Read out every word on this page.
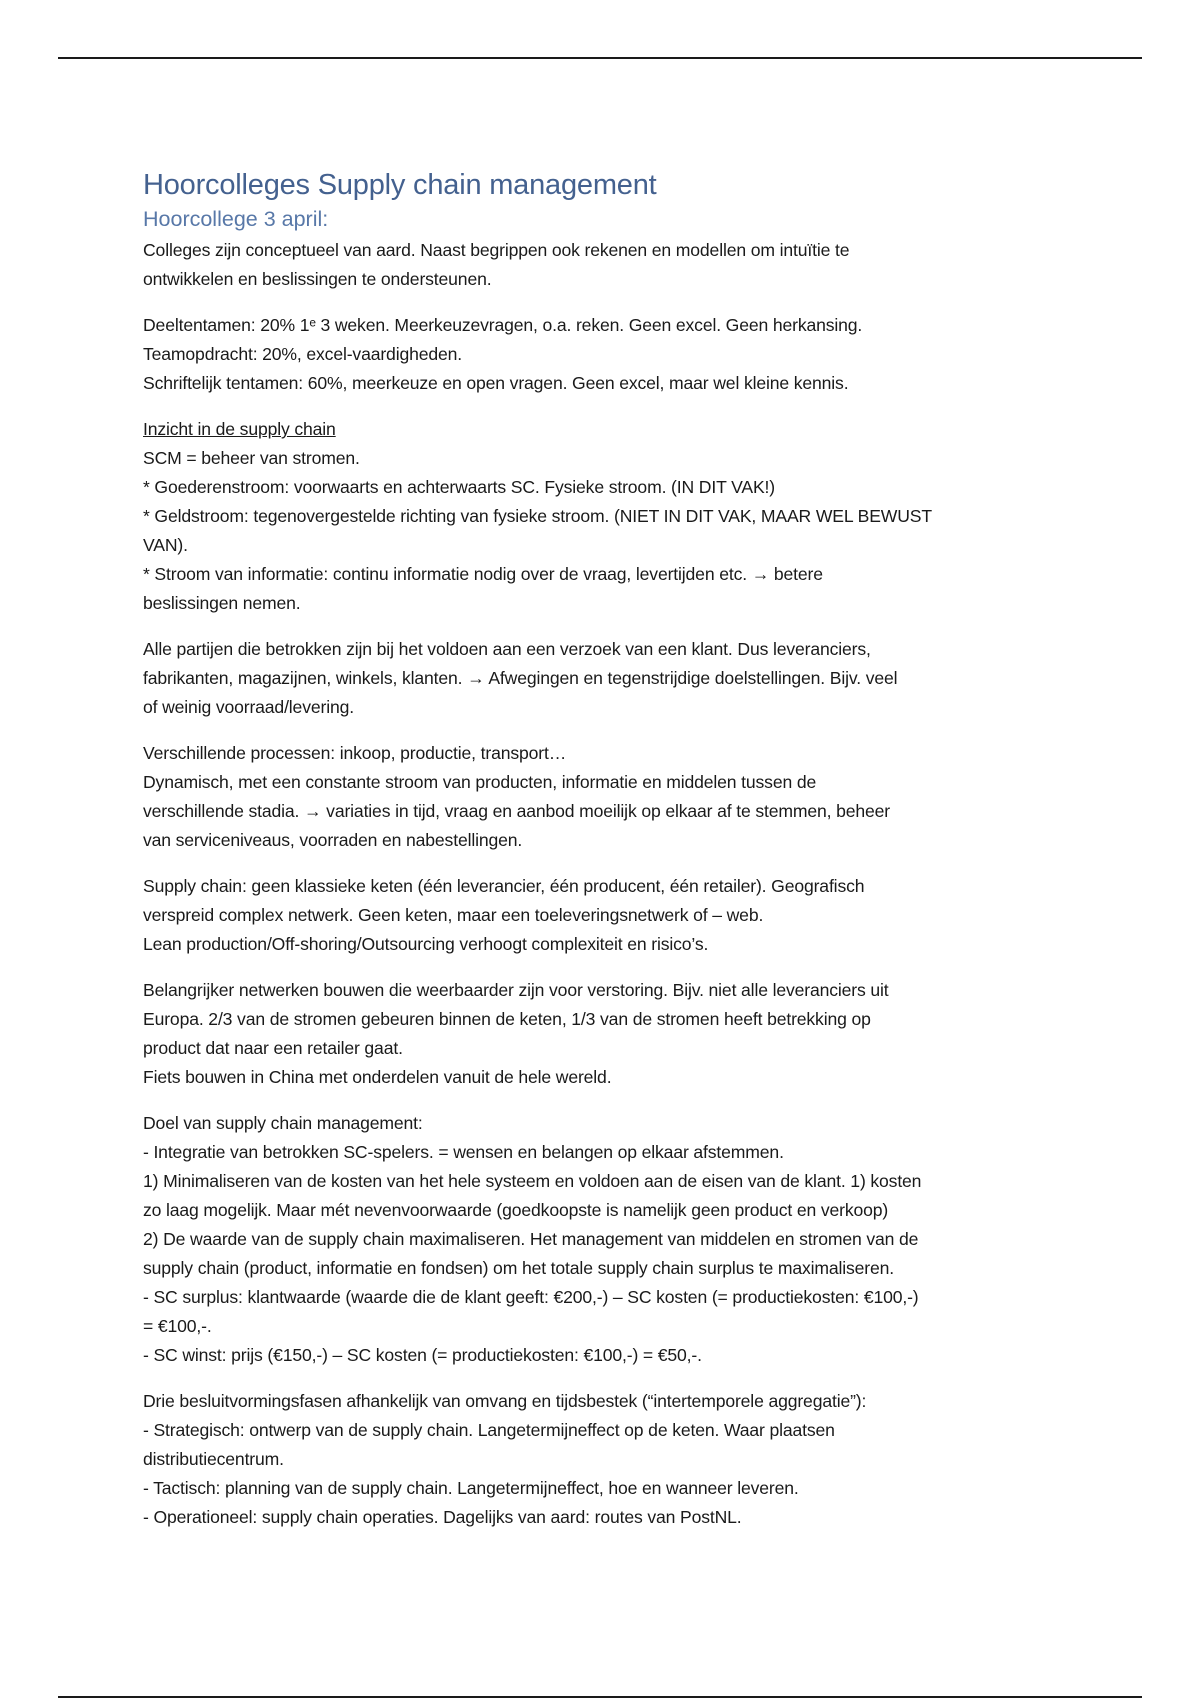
Hoorcolleges Supply chain management
Hoorcollege 3 april:
Colleges zijn conceptueel van aard. Naast begrippen ook rekenen en modellen om intuïtie te
ontwikkelen en beslissingen te ondersteunen.
Deeltentamen: 20% 1ᵉ 3 weken. Meerkeuzevragen, o.a. reken. Geen excel. Geen herkansing.
Teamopdracht: 20%, excel-vaardigheden.
Schriftelijk tentamen: 60%, meerkeuze en open vragen. Geen excel, maar wel kleine kennis.
Inzicht in de supply chain
SCM = beheer van stromen.
* Goederenstroom: voorwaarts en achterwaarts SC. Fysieke stroom. (IN DIT VAK!)
* Geldstroom: tegenovergestelde richting van fysieke stroom. (NIET IN DIT VAK, MAAR WEL BEWUST
VAN).
* Stroom van informatie: continu informatie nodig over de vraag, levertijden etc. → betere
beslissingen nemen.
Alle partijen die betrokken zijn bij het voldoen aan een verzoek van een klant. Dus leveranciers,
fabrikanten, magazijnen, winkels, klanten. → Afwegingen en tegenstrijdige doelstellingen. Bijv. veel
of weinig voorraad/levering.
Verschillende processen: inkoop, productie, transport…
Dynamisch, met een constante stroom van producten, informatie en middelen tussen de
verschillende stadia. → variaties in tijd, vraag en aanbod moeilijk op elkaar af te stemmen, beheer
van serviceniveaus, voorraden en nabestellingen.
Supply chain: geen klassieke keten (één leverancier, één producent, één retailer). Geografisch
verspreid complex netwerk. Geen keten, maar een toeleveringsnetwerk of – web.
Lean production/Off-shoring/Outsourcing verhoogt complexiteit en risico’s.
Belangrijker netwerken bouwen die weerbaarder zijn voor verstoring. Bijv. niet alle leveranciers uit
Europa. 2/3 van de stromen gebeuren binnen de keten, 1/3 van de stromen heeft betrekking op
product dat naar een retailer gaat.
Fiets bouwen in China met onderdelen vanuit de hele wereld.
Doel van supply chain management:
- Integratie van betrokken SC-spelers. = wensen en belangen op elkaar afstemmen.
1) Minimaliseren van de kosten van het hele systeem en voldoen aan de eisen van de klant. 1) kosten
zo laag mogelijk. Maar mét nevenvoorwaarde (goedkoopste is namelijk geen product en verkoop)
2) De waarde van de supply chain maximaliseren. Het management van middelen en stromen van de
supply chain (product, informatie en fondsen) om het totale supply chain surplus te maximaliseren.
- SC surplus: klantwaarde (waarde die de klant geeft: €200,-) – SC kosten (= productiekosten: €100,-)
= €100,-.
- SC winst: prijs (€150,-) – SC kosten (= productiekosten: €100,-) = €50,-.
Drie besluitvormingsfasen afhankelijk van omvang en tijdsbestek (“intertemporele aggregatie”):
- Strategisch: ontwerp van de supply chain. Langetermijneffect op de keten. Waar plaatsen
distributiecentrum.
- Tactisch: planning van de supply chain. Langetermijneffect, hoe en wanneer leveren.
- Operationeel: supply chain operaties. Dagelijks van aard: routes van PostNL.
